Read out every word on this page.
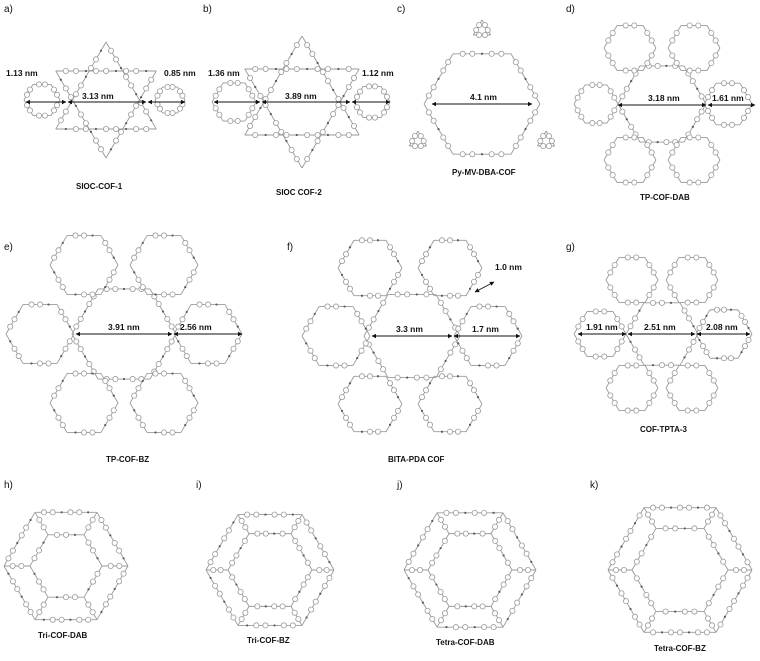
a)
1.13 nm
3.13 nm
0.85 nm
SIOC-COF-1
b)
1.36 nm
3.89 nm
1.12 nm
SIOC COF-2
c)
4.1 nm
Py-MV-DBA-COF
d)
3.18 nm	1.61 nm
TP-COF-DAB
e)
3.91 nm	2.56 nm
TP-COF-BZ
f)
3.3 nm	1.7 nm
1.0 nm
BITA-PDA COF
g)
1.91 nm	2.51 nm	2.08 nm
COF-TPTA-3
h)
Tri-COF-DAB
i)
Tri-COF-BZ
j)
Tetra-COF-DAB
k)
Tetra-COF-BZ
